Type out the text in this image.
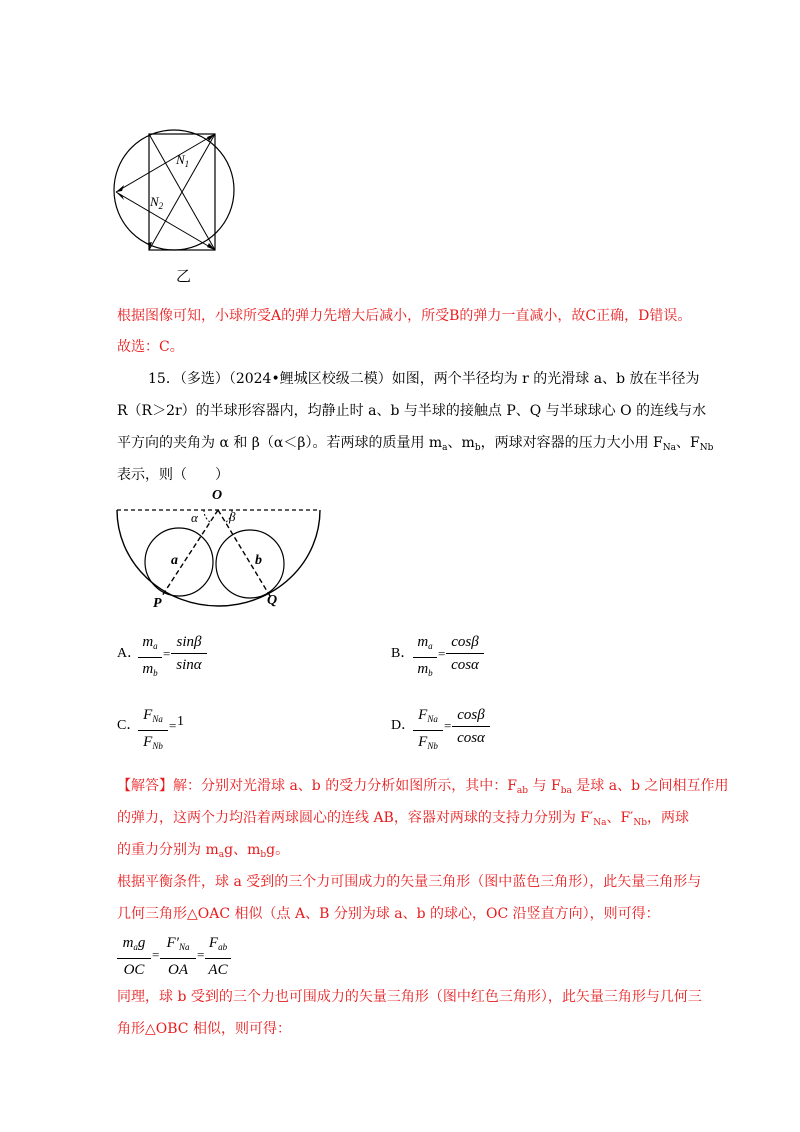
$N_1$
$N_2$
乙
根据图像可知，小球所受A的弹力先增大后减小，所受B的弹力一直减小，故C正确，D错误。
故选：C。
15．（多选）（2024•鲤城区校级二模）如图，两个半径均为 r 的光滑球 a、b 放在半径为
R（R＞2r）的半球形容器内，均静止时 a、b 与半球的接触点 P、Q 与半球球心 O 的连线与水
平方向的夹角为 α 和 β（α＜β）。若两球的质量用 $m_a$、$m_b$，两球对容器的压力大小用 $F_{Na}$、$F_{Nb}$
表示，则（　　）
O
α β
a	b
P	Q
A．
$m_a$
$m_b$
=
sinβ
sinα
B．
$m_a$
$m_b$
=
cosβ
cosα
C．
$F_{Na}$
$F_{Nb}$
= 1	D．
$F_{Na}$
$F_{Nb}$
=
cosβ
cosα
【解答】解：分别对光滑球 a、b 的受力分析如图所示，其中：$F_{ab}$ 与 $F_{ba}$ 是球 a、b 之间相互作用
的弹力，这两个力均沿着两球圆心的连线 AB，容器对两球的支持力分别为 $F'_{Na}$、$F'_{Nb}$，两球
的重力分别为 $m_ag$、$m_bg$。
根据平衡条件，球 a 受到的三个力可围成力的矢量三角形（图中蓝色三角形），此矢量三角形与
几何三角形△OAC 相似（点 A、B 分别为球 a、b 的球心，OC 沿竖直方向），则可得：
$m_ag$
OC
=
$F'_{Na}$
OA
=
$F_{ab}$
AC
同理，球 b 受到的三个力也可围成力的矢量三角形（图中红色三角形），此矢量三角形与几何三
角形△OBC 相似，则可得：
